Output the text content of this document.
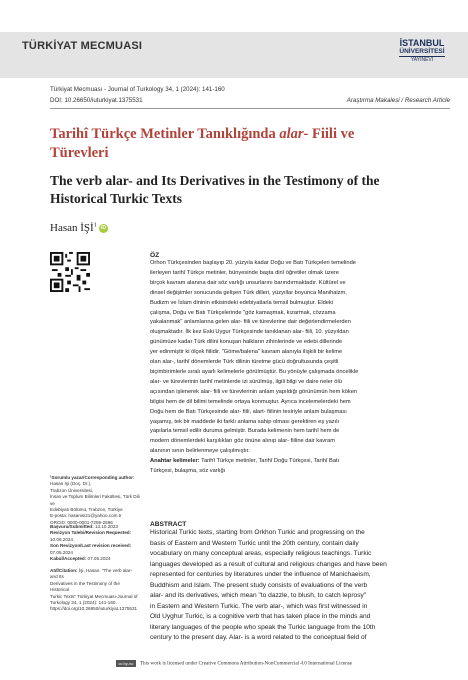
TÜRKİYAT MECMUASI	İSTANBUL
ÜNİVERSİTESİ
YAYINEVİ
Türkiyat Mecmuası - Journal of Turkology 34, 1 (2024): 141-160
DOI: 10.26650/iuturkiyat.1375531	Araştırma Makalesi / Research Article
Tarihî Türkçe Metinler Tanıklığında alar- Fiili ve Türevleri
The verb alar- and Its Derivatives in the Testimony of the Historical Turkic Texts
Hasan İŞİ$^1$ iD
¹Sorumlu yazar/Corresponding author:
Hasan İşi (Doç. Dr.),
Trabzon Üniversitesi,
İnsan ve Toplum Bilimleri Fakültesi, Türk Dili ve
Edebiyatı Bölümü, Trabzon, Türkiye
E-posta: hasanisi21@yahoo.com.tr
ORCID: 0000-0001-7269-2596
Başvuru/Submitted: 13.10.2023
Revizyon Talebi/Revision Requested:
10.06.2024
Son Revizyon/Last revision received:
07.05.2024
Kabul/Accepted: 07.05.2024
Atıf/Citation: İşi, Hasan. "The verb alar- and Its
Derivatives in the Testimony of the Historical
Turkic Texts" Türkiyat Mecmuası-Journal of
Turkology 34, 1 (2024): 141-160.
https://doi.org/10.26650/iuturkiyat.1375531
ÖZ
Orhon Türkçesinden başlayıp 20. yüzyıla kadar Doğu ve Batı Türkçeleri temelinde
ilerleyen tarihî Türkçe metinler, bünyesinde başta dinî öğretiler olmak üzere
birçok kavram alanına dair söz varlığı unsurlarını barındırmaktadır. Kültürel ve
dinsel değişimler sonucunda gelişen Türk dilleri, yüzyıllar boyunca Manihaizm,
Budizm ve İslam dininin etkisindeki edebiyatlarla temsil bulmuştur. Eldeki
çalışma, Doğu ve Batı Türkçelerinde "göz kamaşmak, kızarmak, cözzama
yakalanmak" anlamlarına gelen alar- fiili ve türevlerine dair değerlendirmelerden
oluşmaktadır. İlk kez Eski Uygur Türkçesinde tanıklanan alar- fiili, 10. yüzyıldan
günümüze kadar Türk dilini konuşan halkların zihinlerinde ve edebi dillerinde
yer edinmiştir ki ölçek fiilidir. "Göme/balena" kavram alanıyla ilişkili bir kelime
olan alar-, tarihî dönemlerde Türk dilinin türetme gücü doğrultusunda çeşitli
biçimbirimlerle sıralı ayarlı kelimelerle görülmüştür. Bu yönüyle çalışmada öncelikle
alar- ve türevlerinin tarihî metinlerde izi sürülmüş, ilgili bilgi ve daire neler ölü
açısından işlenerek alar- fiili ve türevlerinin anlam yapıldığı görünümün hem köken
bilgisi hem de dil bilimi temelinde ortaya konmuştur. Ayrıca incelemelerdeki hem
Doğu hem de Batı Türkçesinde alar- fiili, alart- fiilinin tesiriyle anlam bulaşması
yaşamış, tek bir maddede iki farklı anlama sahip olması gerektiren eş yazılı
yapılarla temsil edilir duruma gelmiştir. Burada kelimenin hem tarihî hem de
modern dönemlerdeki karşılıkları göz önüne alınıp alar- fiiline dair kavram
alanının sınırı belirlenmeye çalışılmıştır.
Anahtar kelimeler: Tarihî Türkçe metinler, Tarihî Doğu Türkçesi, Tarihî Batı
Türkçesi, bulaşma, söz varlığı
ABSTRACT
Historical Turkic texts, starting from Orkhon Turkic and progressing on the
basis of Eastern and Western Turkic until the 20th century, contain daily
vocabulary on many conceptual areas, especially religious teachings. Turkic
languages developed as a result of cultural and religious changes and have been
represented for centuries by literatures under the influence of Manichaeism,
Buddhism and Islam. The present study consists of evaluations of the verb
alar- and its derivatives, which mean "to dazzle, to blush, to catch leprosy"
in Eastern and Western Turkic. The verb alar-, which was first witnessed in
Old Uyghur Turkic, is a cognitive verb that has taken place in the minds and
literary languages of the people who speak the Turkic language from the 10th
century to the present day. Alar- is a word related to the conceptual field of
cc by-nc This work is licensed under Creative Commons Attribution-NonCommercial 4.0 International License
